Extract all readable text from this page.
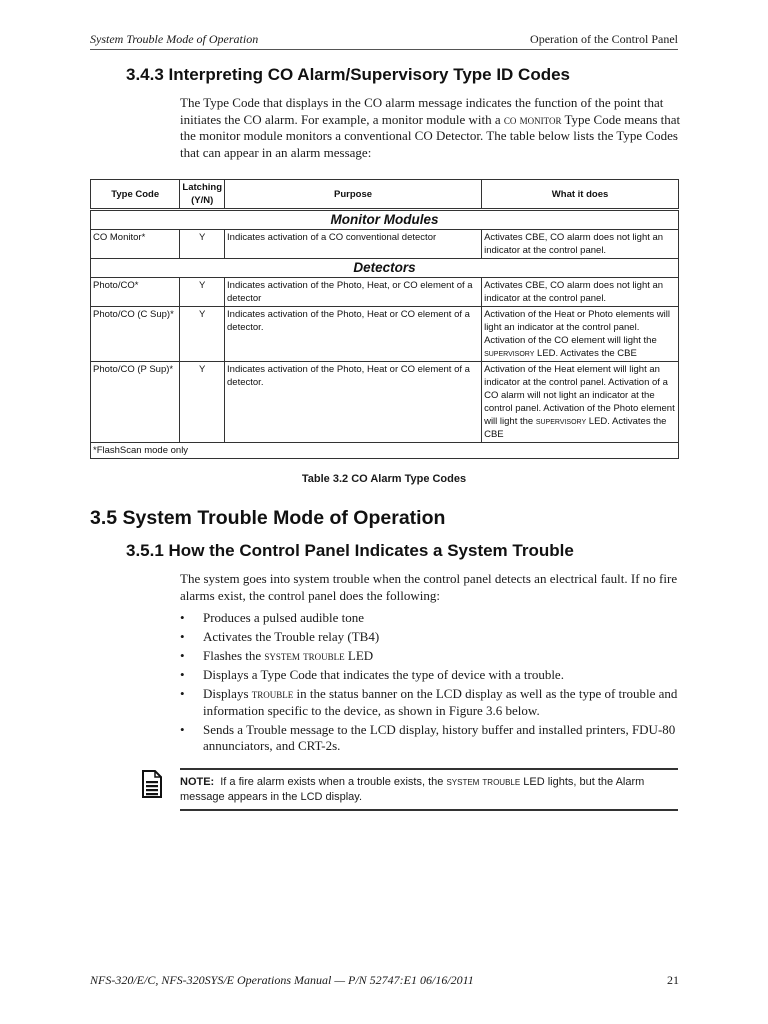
System Trouble Mode of Operation	Operation of the Control Panel
3.4.3 Interpreting CO Alarm/Supervisory Type ID Codes

The Type Code that displays in the CO alarm message indicates the function of the point that initiates the CO alarm. For example, a monitor module with a co monitor Type Code means that the monitor module monitors a conventional CO Detector. The table below lists the Type Codes that can appear in an alarm message:

Type Code	Latching (Y/N)	Purpose	What it does
Monitor Modules			
CO Monitor*	Y	Indicates activation of a CO conventional detector	Activates CBE, CO alarm does not light an indicator at the control panel.
Detectors			
Photo/CO*	Y	Indicates activation of the Photo, Heat, or CO element of a detector	Activates CBE, CO alarm does not light an indicator at the control panel.
Photo/CO (C Sup)*	Y	Indicates activation of the Photo, Heat or CO element of a detector.	Activation of the Heat or Photo elements will light an indicator at the control panel. Activation of the CO element will light the supervisory LED. Activates the CBE
Photo/CO (P Sup)*	Y	Indicates activation of the Photo, Heat or CO element of a detector.	Activation of the Heat element will light an indicator at the control panel. Activation of a CO alarm will not light an indicator at the control panel. Activation of the Photo element will light the supervisory LED. Activates the CBE
*FlashScan mode only			
Table 3.2 CO Alarm Type Codes
3.5 System Trouble Mode of Operation
3.5.1 How the Control Panel Indicates a System Trouble

The system goes into system trouble when the control panel detects an electrical fault. If no fire alarms exist, the control panel does the following:

• Produces a pulsed audible tone
• Activates the Trouble relay (TB4)
• Flashes the system trouble LED
• Displays a Type Code that indicates the type of device with a trouble.
• Displays trouble in the status banner on the LCD display as well as the type of trouble and information specific to the device, as shown in Figure 3.6 below.
• Sends a Trouble message to the LCD display, history buffer and installed printers, FDU-80 annunciators, and CRT-2s.
NOTE: If a fire alarm exists when a trouble exists, the system trouble LED lights, but the Alarm message appears in the LCD display.
NFS-320/E/C, NFS-320SYS/E Operations Manual — P/N 52747:E1 06/16/2011	21
